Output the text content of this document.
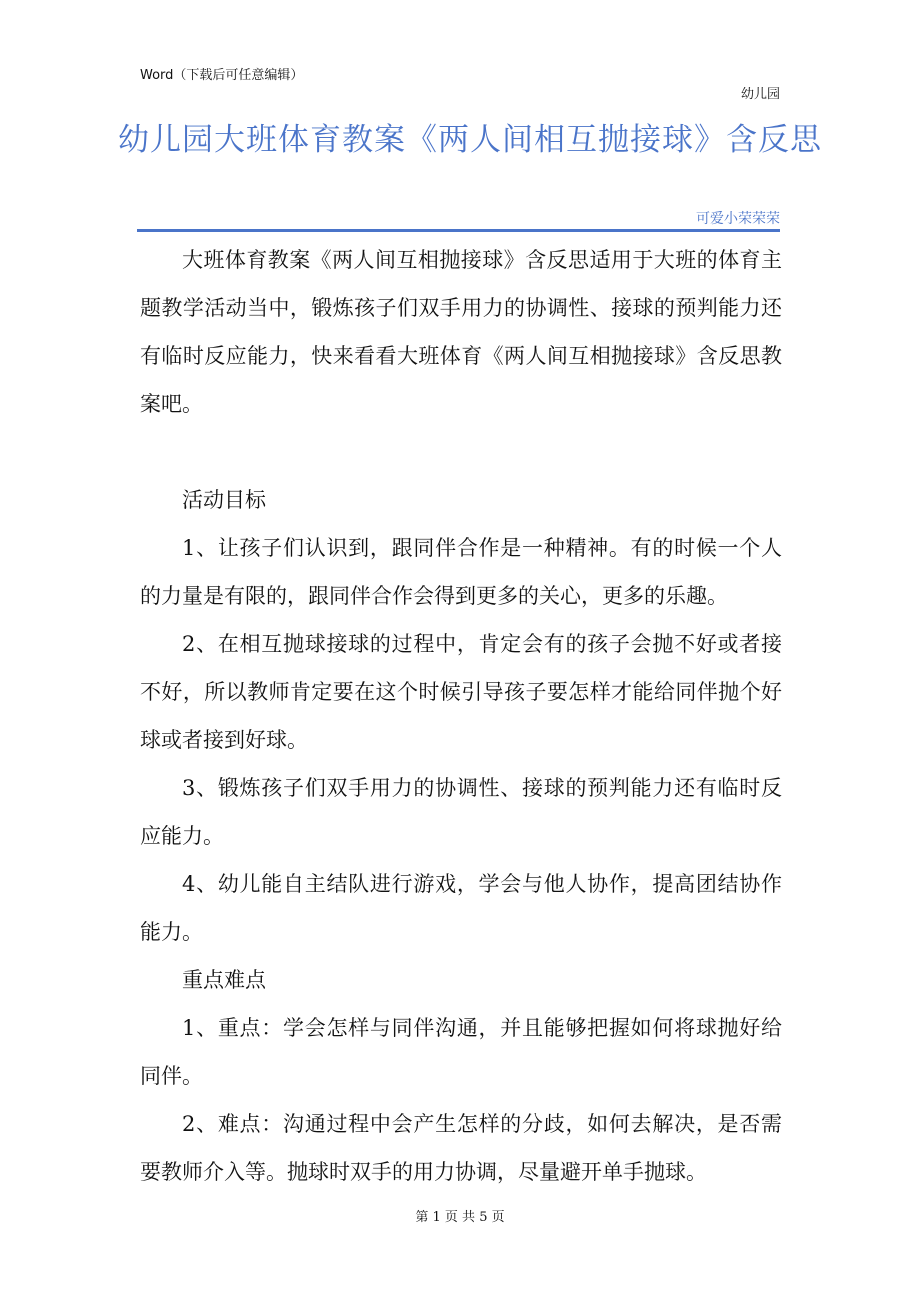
Word（下载后可任意编辑）
幼儿园
幼儿园大班体育教案《两人间相互抛接球》含反思
可爱小荣荣荣

大班体育教案《两人间互相抛接球》含反思适用于大班的体育主题教学活动当中，锻炼孩子们双手用力的协调性、接球的预判能力还有临时反应能力，快来看看大班体育《两人间互相抛接球》含反思教案吧。

活动目标

1、让孩子们认识到，跟同伴合作是一种精神。有的时候一个人的力量是有限的，跟同伴合作会得到更多的关心，更多的乐趣。

2、在相互抛球接球的过程中，肯定会有的孩子会抛不好或者接不好，所以教师肯定要在这个时候引导孩子要怎样才能给同伴抛个好球或者接到好球。

3、锻炼孩子们双手用力的协调性、接球的预判能力还有临时反应能力。

4、幼儿能自主结队进行游戏，学会与他人协作，提高团结协作能力。

重点难点

1、重点：学会怎样与同伴沟通，并且能够把握如何将球抛好给同伴。

2、难点：沟通过程中会产生怎样的分歧，如何去解决，是否需要教师介入等。抛球时双手的用力协调，尽量避开单手抛球。

第 1 页 共 5 页
